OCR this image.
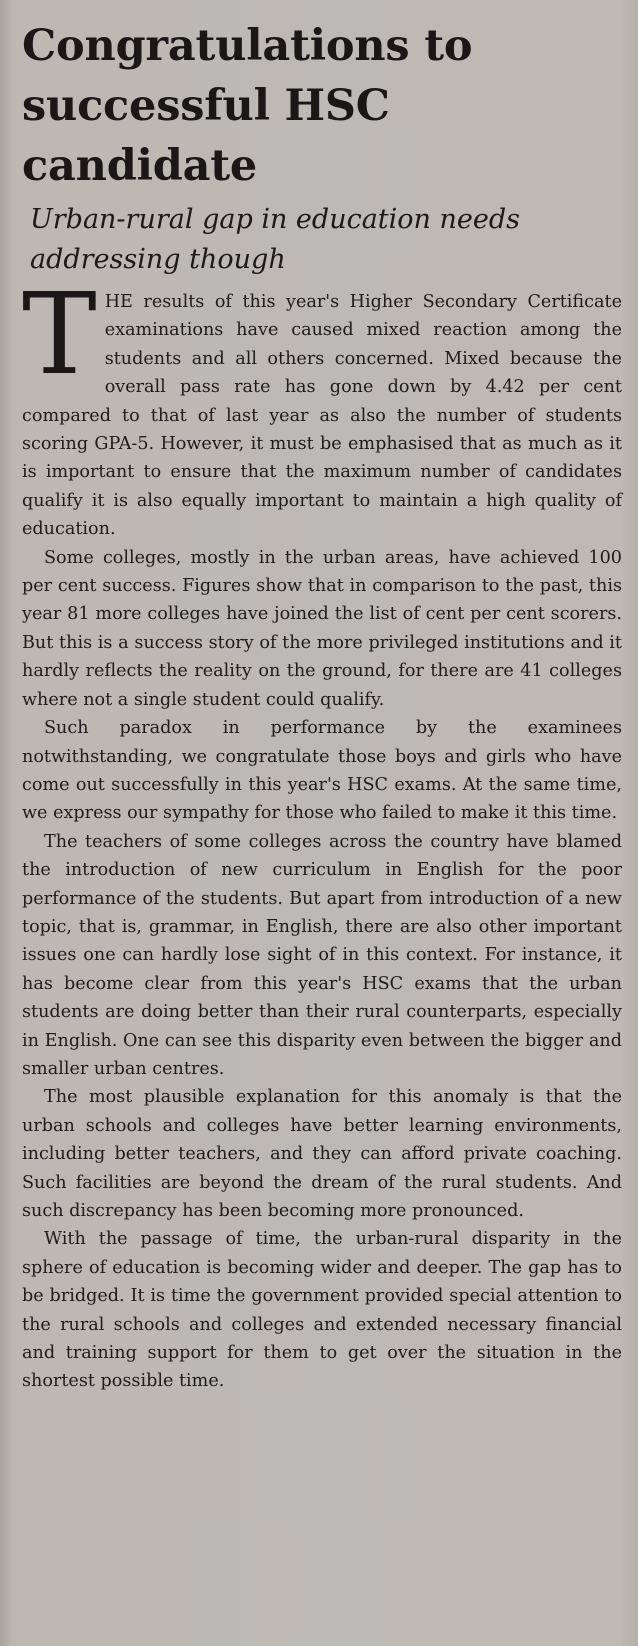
Congratulations to successful HSC candidate
Urban-rural gap in education needs addressing though

THE results of this year's Higher Secondary Certificate examinations have caused mixed reaction among the students and all others concerned. Mixed because the overall pass rate has gone down by 4.42 per cent compared to that of last year as also the number of students scoring GPA-5. However, it must be emphasised that as much as it is important to ensure that the maximum number of candidates qualify it is also equally important to maintain a high quality of education.

Some colleges, mostly in the urban areas, have achieved 100 per cent success. Figures show that in comparison to the past, this year 81 more colleges have joined the list of cent per cent scorers. But this is a success story of the more privileged institutions and it hardly reflects the reality on the ground, for there are 41 colleges where not a single student could qualify.

Such paradox in performance by the examinees notwithstanding, we congratulate those boys and girls who have come out successfully in this year's HSC exams. At the same time, we express our sympathy for those who failed to make it this time.

The teachers of some colleges across the country have blamed the introduction of new curriculum in English for the poor performance of the students. But apart from introduction of a new topic, that is, grammar, in English, there are also other important issues one can hardly lose sight of in this context. For instance, it has become clear from this year's HSC exams that the urban students are doing better than their rural counterparts, especially in English. One can see this disparity even between the bigger and smaller urban centres.

The most plausible explanation for this anomaly is that the urban schools and colleges have better learning environments, including better teachers, and they can afford private coaching. Such facilities are beyond the dream of the rural students. And such discrepancy has been becoming more pronounced.

With the passage of time, the urban-rural disparity in the sphere of education is becoming wider and deeper. The gap has to be bridged. It is time the government provided special attention to the rural schools and colleges and extended necessary financial and training support for them to get over the situation in the shortest possible time.
